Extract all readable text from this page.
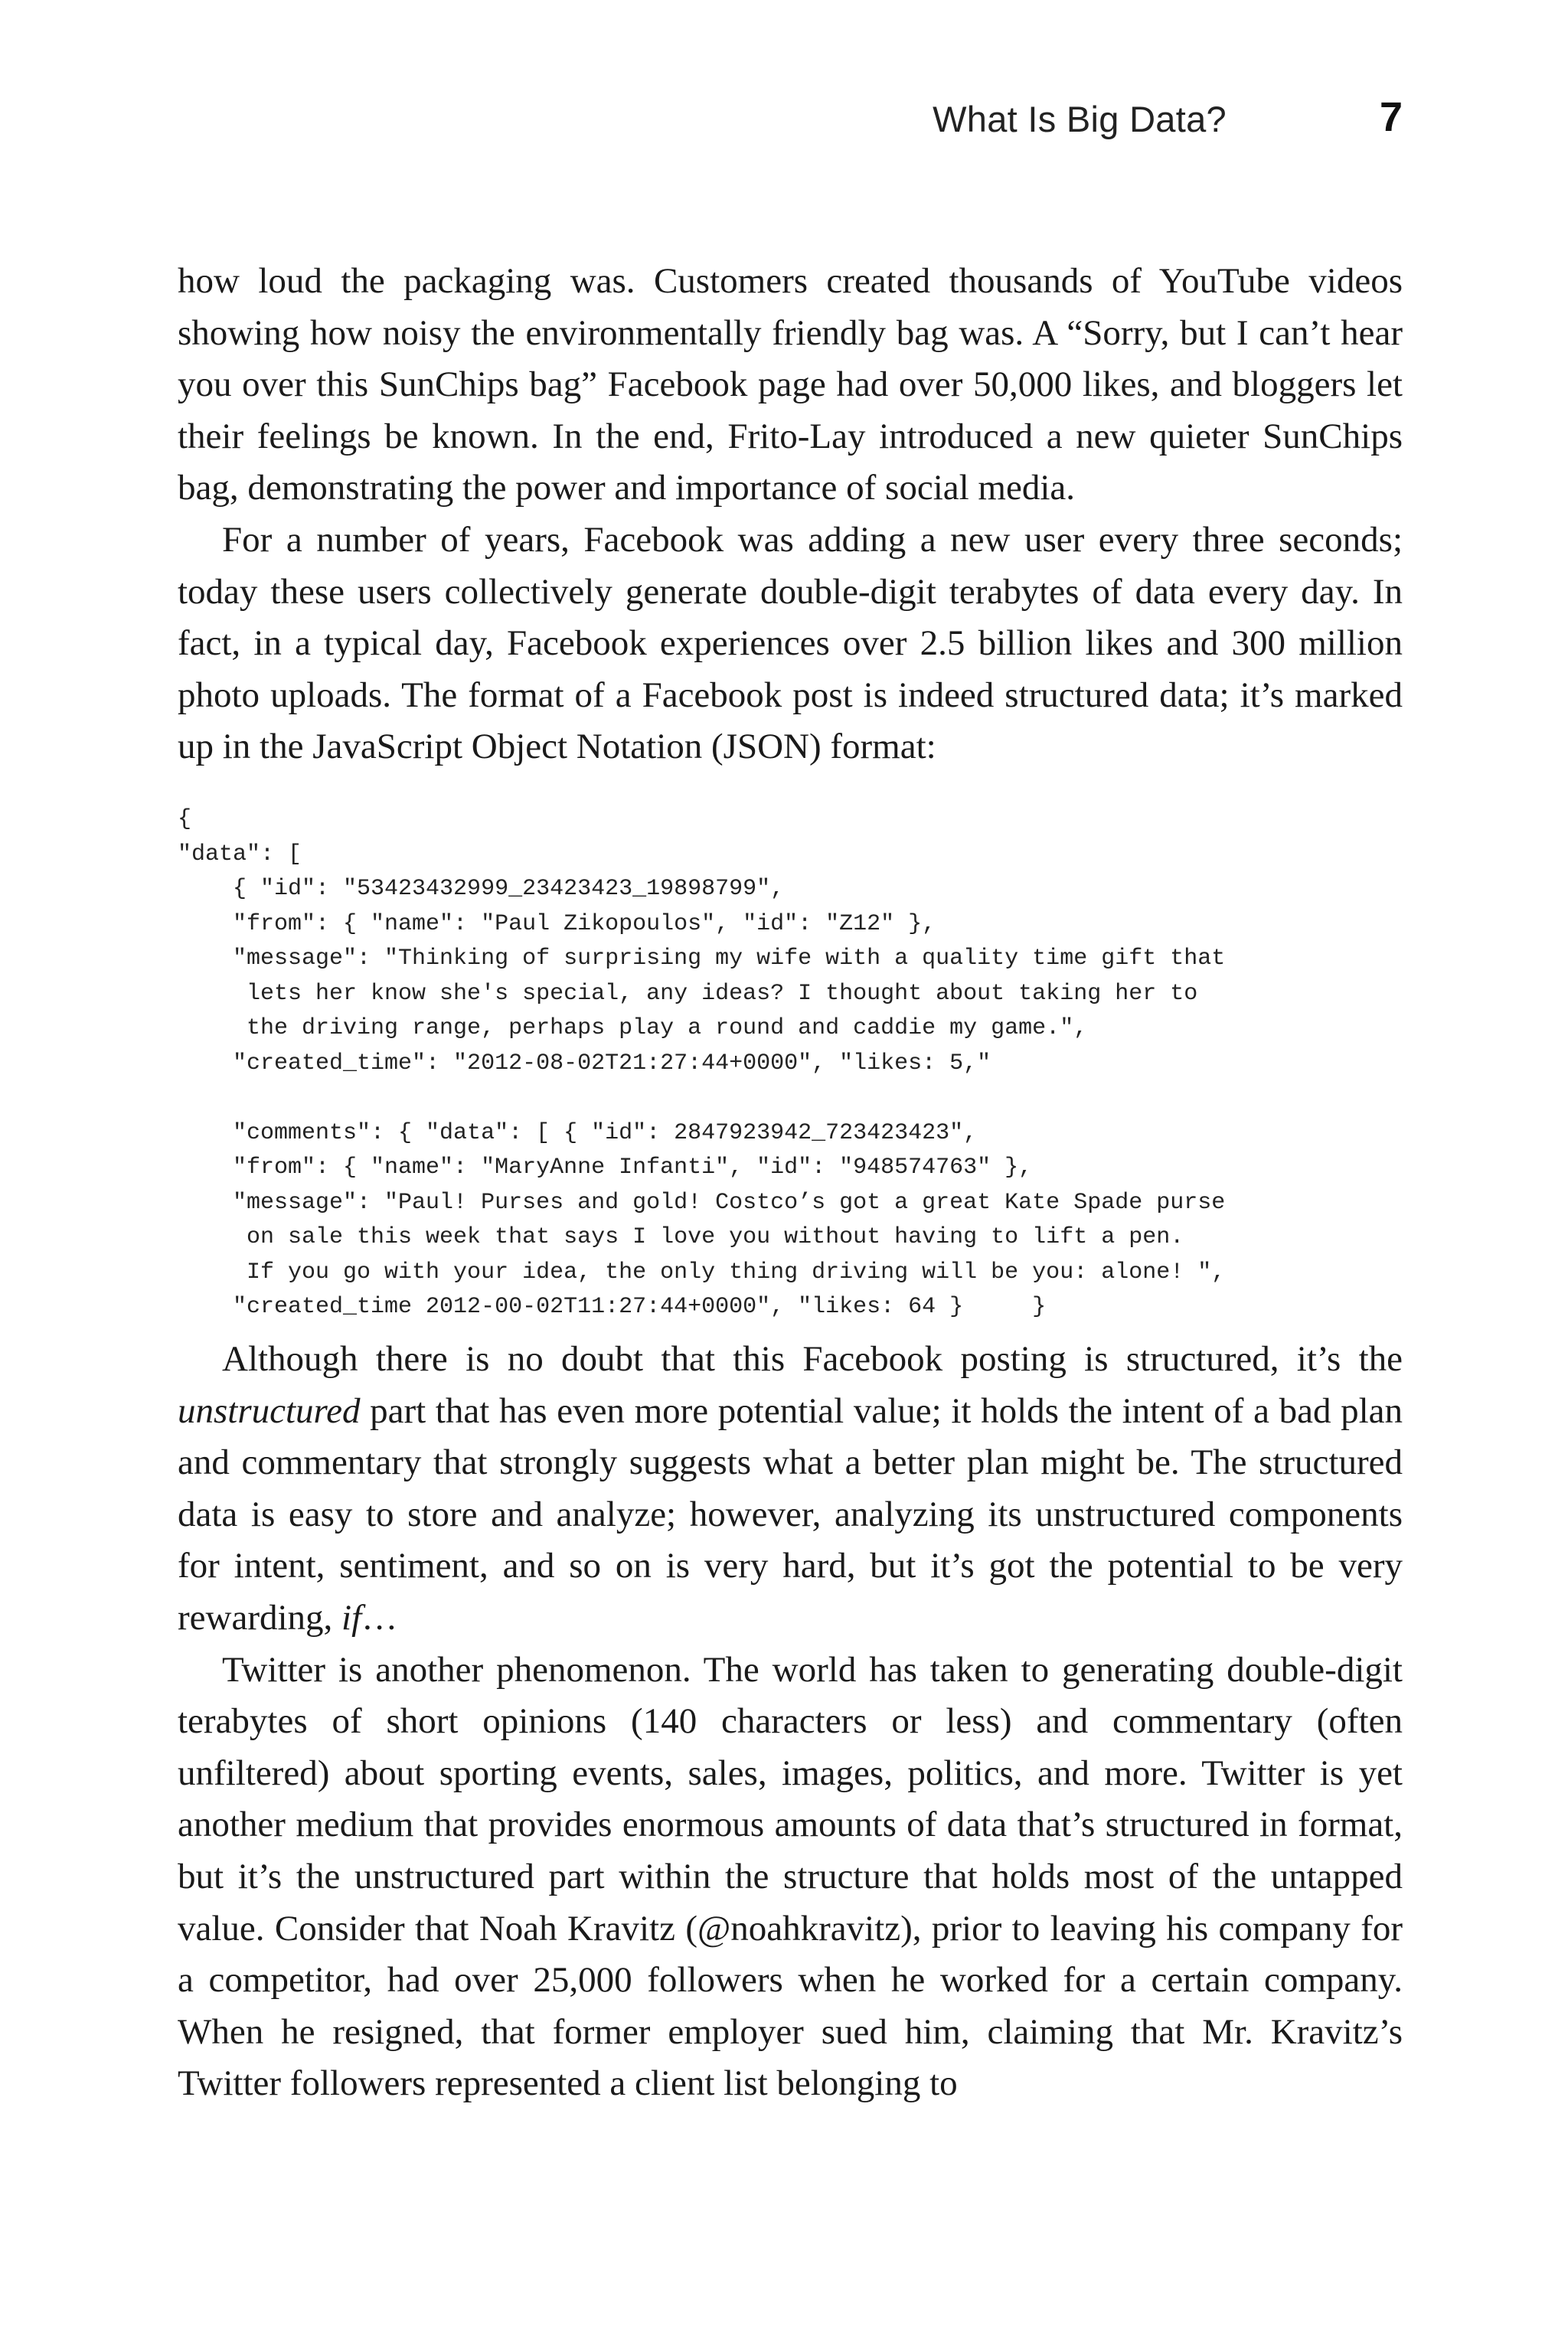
What Is Big Data?	7

how loud the packaging was. Customers created thousands of YouTube videos showing how noisy the environmentally friendly bag was. A “Sorry, but I can’t hear you over this SunChips bag” Facebook page had over 50,000 likes, and bloggers let their feelings be known. In the end, Frito-Lay introduced a new quieter SunChips bag, demonstrating the power and importance of social media.

For a number of years, Facebook was adding a new user every three seconds; today these users collectively generate double-digit terabytes of data every day. In fact, in a typical day, Facebook experiences over 2.5 billion likes and 300 million photo uploads. The format of a Facebook post is indeed structured data; it’s marked up in the JavaScript Object Notation (JSON) format:

{
"data": [
{ "id": "53423432999_23423423_19898799",
"from": { "name": "Paul Zikopoulos", "id": "Z12" },
"message": "Thinking of surprising my wife with a quality time gift that
lets her know she's special, any ideas? I thought about taking her to
the driving range, perhaps play a round and caddie my game.",
"created_time": "2012-08-02T21:27:44+0000", "likes: 5,"
"comments": { "data": [ { "id": 2847923942_723423423",
"from": { "name": "MaryAnne Infanti", "id": "948574763" },
"message": "Paul! Purses and gold! Costco’s got a great Kate Spade purse
on sale this week that says I love you without having to lift a pen.
If you go with your idea, the only thing driving will be you: alone! ",
"created_time 2012-00-02T11:27:44+0000", "likes: 64 }     }

Although there is no doubt that this Facebook posting is structured, it’s the unstructured part that has even more potential value; it holds the intent of a bad plan and commentary that strongly suggests what a better plan might be. The structured data is easy to store and analyze; however, analyzing its unstructured components for intent, sentiment, and so on is very hard, but it’s got the potential to be very rewarding, if…

Twitter is another phenomenon. The world has taken to generating double-digit terabytes of short opinions (140 characters or less) and commentary (often unfiltered) about sporting events, sales, images, politics, and more. Twitter is yet another medium that provides enormous amounts of data that’s structured in format, but it’s the unstructured part within the structure that holds most of the untapped value. Consider that Noah Kravitz (@noahkravitz), prior to leaving his company for a competitor, had over 25,000 followers when he worked for a certain company. When he resigned, that former employer sued him, claiming that Mr. Kravitz’s Twitter followers represented a client list belonging to
